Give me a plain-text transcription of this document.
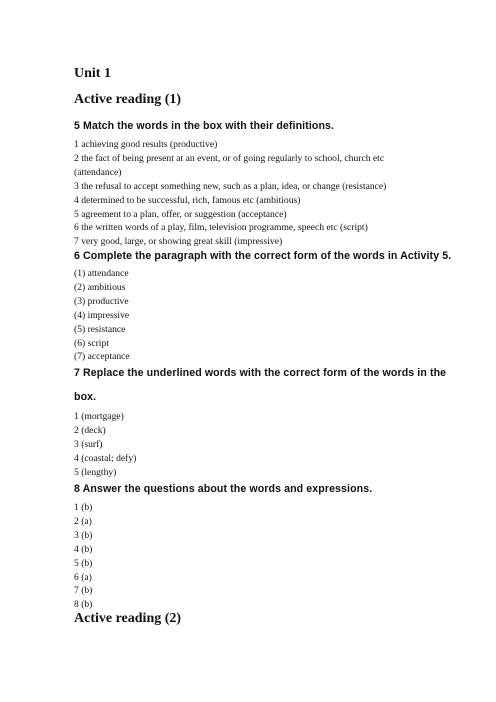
Unit 1
Active reading (1)
5 Match the words in the box with their definitions.
1 achieving good results (productive)
2 the fact of being present at an event, or of going regularly to school, church etc
(attendance)
3 the refusal to accept something new, such as a plan, idea, or change (resistance)
4 determined to be successful, rich, famous etc (ambitious)
5 agreement to a plan, offer, or suggestion (acceptance)
6 the written words of a play, film, television programme, speech etc (script)
7 very good, large, or showing great skill (impressive)
6 Complete the paragraph with the correct form of the words in Activity 5.
(1) attendance
(2) ambitious
(3) productive
(4) impressive
(5) resistance
(6) script
(7) acceptance
7 Replace the underlined words with the correct form of the words in the
box.
1 (mortgage)
2 (deck)
3 (surf)
4 (coastal; defy)
5 (lengthy)
8 Answer the questions about the words and expressions.
1 (b)
2 (a)
3 (b)
4 (b)
5 (b)
6 (a)
7 (b)
8 (b)
Active reading (2)
